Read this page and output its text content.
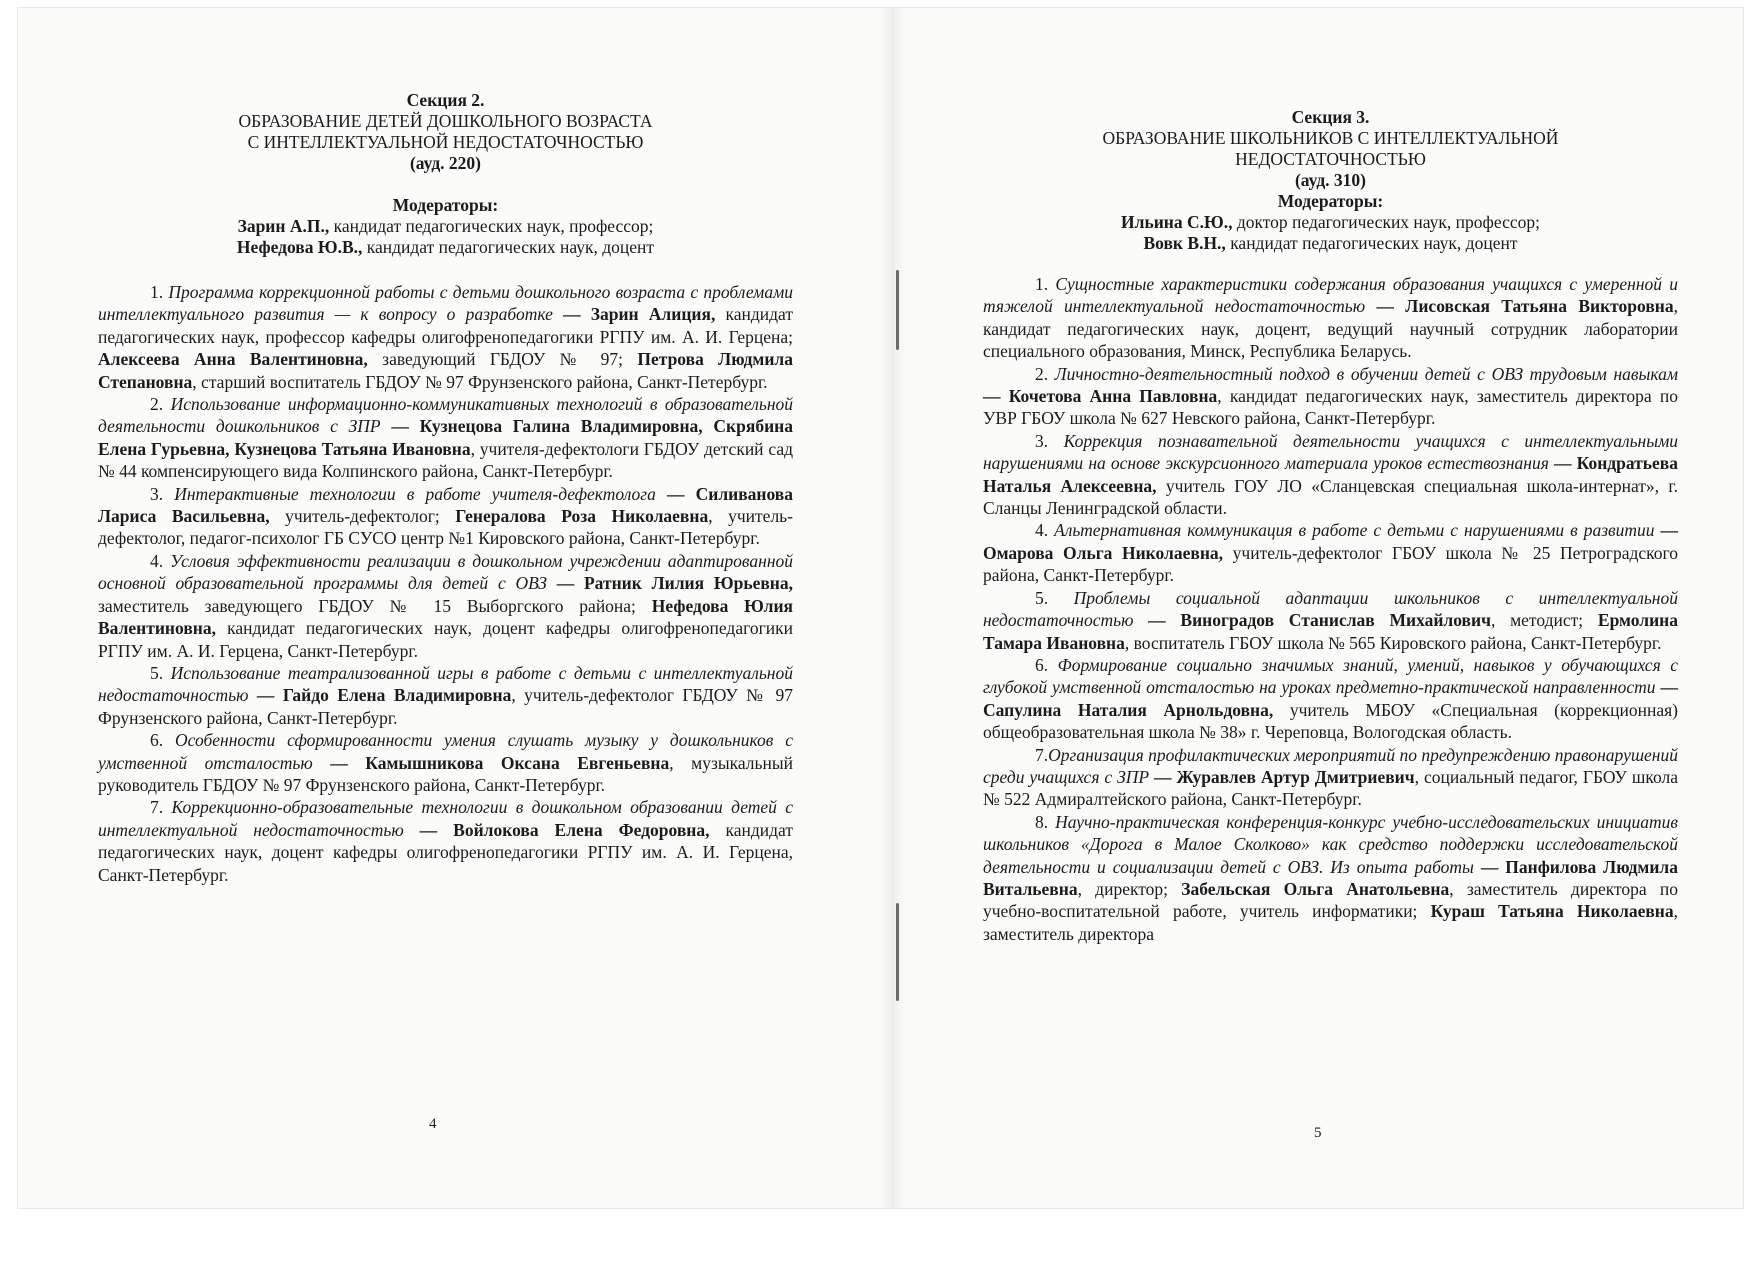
Секция 2.
ОБРАЗОВАНИЕ ДЕТЕЙ ДОШКОЛЬНОГО ВОЗРАСТА
С ИНТЕЛЛЕКТУАЛЬНОЙ НЕДОСТАТОЧНОСТЬЮ
(ауд. 220)
Модераторы:
Зарин А.П., кандидат педагогических наук, профессор;
Нефедова Ю.В., кандидат педагогических наук, доцент

1. Программа коррекционной работы с детьми дошкольного возраста с проблемами интеллектуального развития — к вопросу о разработке — Зарин Алиция, кандидат педагогических наук, профессор кафедры олигофренопедагогики РГПУ им. А. И. Герцена; Алексеева Анна Валентиновна, заведующий ГБДОУ № 97; Петрова Людмила Степановна, старший воспитатель ГБДОУ № 97 Фрунзенского района, Санкт-Петербург.

2. Использование информационно-коммуникативных технологий в образовательной деятельности дошкольников с ЗПР — Кузнецова Галина Владимировна, Скрябина Елена Гурьевна, Кузнецова Татьяна Ивановна, учителя-дефектологи ГБДОУ детский сад № 44 компенсирующего вида Колпинского района, Санкт-Петербург.

3. Интерактивные технологии в работе учителя-дефектолога — Силиванова Лариса Васильевна, учитель-дефектолог; Генералова Роза Николаевна, учитель-дефектолог, педагог-психолог ГБ СУСО центр №1 Кировского района, Санкт-Петербург.

4. Условия эффективности реализации в дошкольном учреждении адаптированной основной образовательной программы для детей с ОВЗ — Ратник Лилия Юрьевна, заместитель заведующего ГБДОУ № 15 Выборгского района; Нефедова Юлия Валентиновна, кандидат педагогических наук, доцент кафедры олигофренопедагогики РГПУ им. А. И. Герцена, Санкт-Петербург.

5. Использование театрализованной игры в работе с детьми с интеллектуальной недостаточностью — Гайдо Елена Владимировна, учитель-дефектолог ГБДОУ № 97 Фрунзенского района, Санкт-Петербург.

6. Особенности сформированности умения слушать музыку у дошкольников с умственной отсталостью — Камышникова Оксана Евгеньевна, музыкальный руководитель ГБДОУ № 97 Фрунзенского района, Санкт-Петербург.

7. Коррекционно-образовательные технологии в дошкольном образовании детей с интеллектуальной недостаточностью — Войлокова Елена Федоровна, кандидат педагогических наук, доцент кафедры олигофренопедагогики РГПУ им. А. И. Герцена, Санкт-Петербург.

4
Секция 3.
ОБРАЗОВАНИЕ ШКОЛЬНИКОВ С ИНТЕЛЛЕКТУАЛЬНОЙ
НЕДОСТАТОЧНОСТЬЮ
(ауд. 310)
Модераторы:
Ильина С.Ю., доктор педагогических наук, профессор;
Вовк В.Н., кандидат педагогических наук, доцент

1. Сущностные характеристики содержания образования учащихся с умеренной и тяжелой интеллектуальной недостаточностью — Лисовская Татьяна Викторовна, кандидат педагогических наук, доцент, ведущий научный сотрудник лаборатории специального образования, Минск, Республика Беларусь.

2. Личностно-деятельностный подход в обучении детей с ОВЗ трудовым навыкам — Кочетова Анна Павловна, кандидат педагогических наук, заместитель директора по УВР ГБОУ школа № 627 Невского района, Санкт-Петербург.

3. Коррекция познавательной деятельности учащихся с интеллектуальными нарушениями на основе экскурсионного материала уроков естествознания — Кондратьева Наталья Алексеевна, учитель ГОУ ЛО «Сланцевская специальная школа-интернат», г. Сланцы Ленинградской области.

4. Альтернативная коммуникация в работе с детьми с нарушениями в развитии — Омарова Ольга Николаевна, учитель-дефектолог ГБОУ школа № 25 Петроградского района, Санкт-Петербург.

5. Проблемы социальной адаптации школьников с интеллектуальной недостаточностью — Виноградов Станислав Михайлович, методист; Ермолина Тамара Ивановна, воспитатель ГБОУ школа № 565 Кировского района, Санкт-Петербург.

6. Формирование социально значимых знаний, умений, навыков у обучающихся с глубокой умственной отсталостью на уроках предметно-практической направленности — Сапулина Наталия Арнольдовна, учитель МБОУ «Специальная (коррекционная) общеобразовательная школа № 38» г. Череповца, Вологодская область.

7.Организация профилактических мероприятий по предупреждению правонарушений среди учащихся с ЗПР — Журавлев Артур Дмитриевич, социальный педагог, ГБОУ школа № 522 Адмиралтейского района, Санкт-Петербург.

8. Научно-практическая конференция-конкурс учебно-исследовательских инициатив школьников «Дорога в Малое Сколково» как средство поддержки исследовательской деятельности и социализации детей с ОВЗ. Из опыта работы — Панфилова Людмила Витальевна, директор; Забельская Ольга Анатольевна, заместитель директора по учебно-воспитательной работе, учитель информатики; Кураш Татьяна Николаевна, заместитель директора

5
